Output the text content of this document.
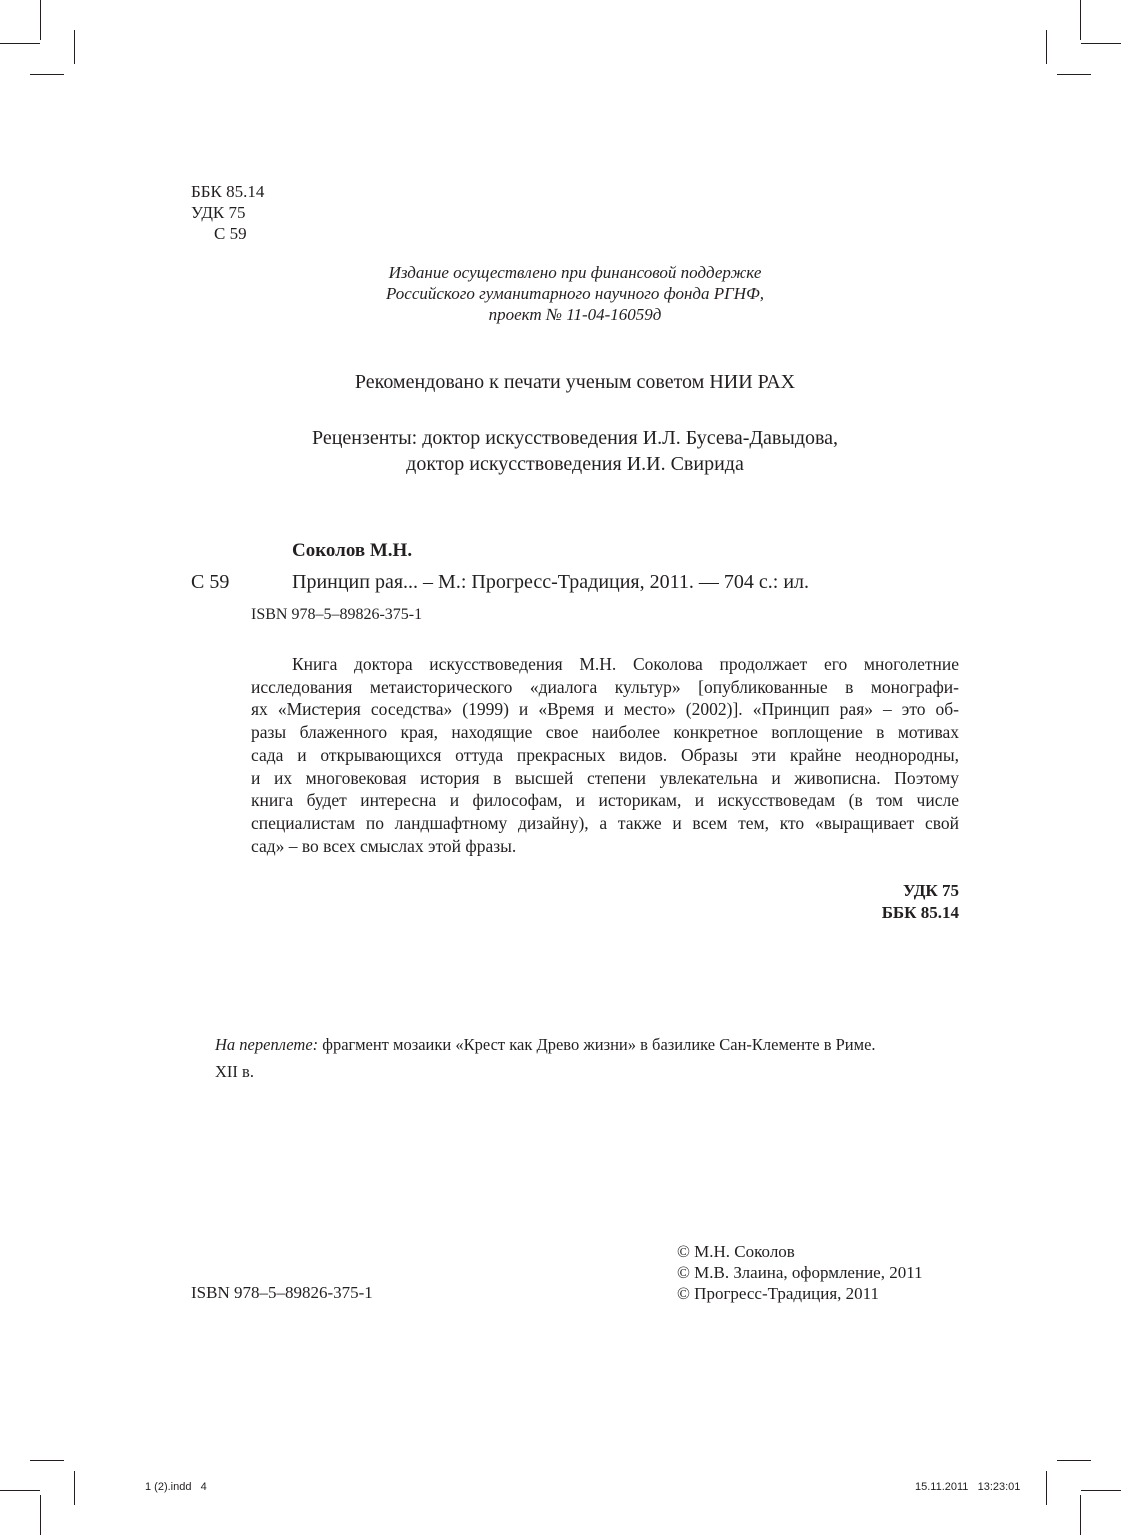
ББК 85.14
УДК 75
С 59
Издание осуществлено при финансовой поддержке
Российского гуманитарного научного фонда РГНФ,
проект № 11-04-16059д
Рекомендовано к печати ученым советом НИИ РАХ
Рецензенты: доктор искусствоведения И.Л. Бусева-Давыдова,
доктор искусствоведения И.И. Свирида
Соколов М.Н.
С 59	Принцип рая... – М.: Прогресс-Традиция, 2011. — 704 с.: ил.
ISBN 978–5–89826-375-1
Книга доктора искусствоведения М.Н. Соколова продолжает его многолетние
исследования метаисторического «диалога культур» [опубликованные в монографи-
ях «Мистерия соседства» (1999) и «Время и место» (2002)]. «Принцип рая» – это об-
разы блаженного края, находящие свое наиболее конкретное воплощение в мотивах
сада и открывающихся оттуда прекрасных видов. Образы эти крайне неоднородны,
и их многовековая история в высшей степени увлекательна и живописна. Поэтому
книга будет интересна и философам, и историкам, и искусствоведам (в том числе
специалистам по ландшафтному дизайну), а также и всем тем, кто «выращивает свой
сад» – во всех смыслах этой фразы.
УДК 75
ББК 85.14
На переплете: фрагмент мозаики «Крест как Древо жизни» в базилике Сан-Клементе в Риме.
XII в.
ISBN 978–5–89826-375-1
© М.Н. Соколов
© М.В. Злаина, оформление, 2011
© Прогресс-Традиция, 2011
1 (2).indd   4	15.11.2011   13:23:01
